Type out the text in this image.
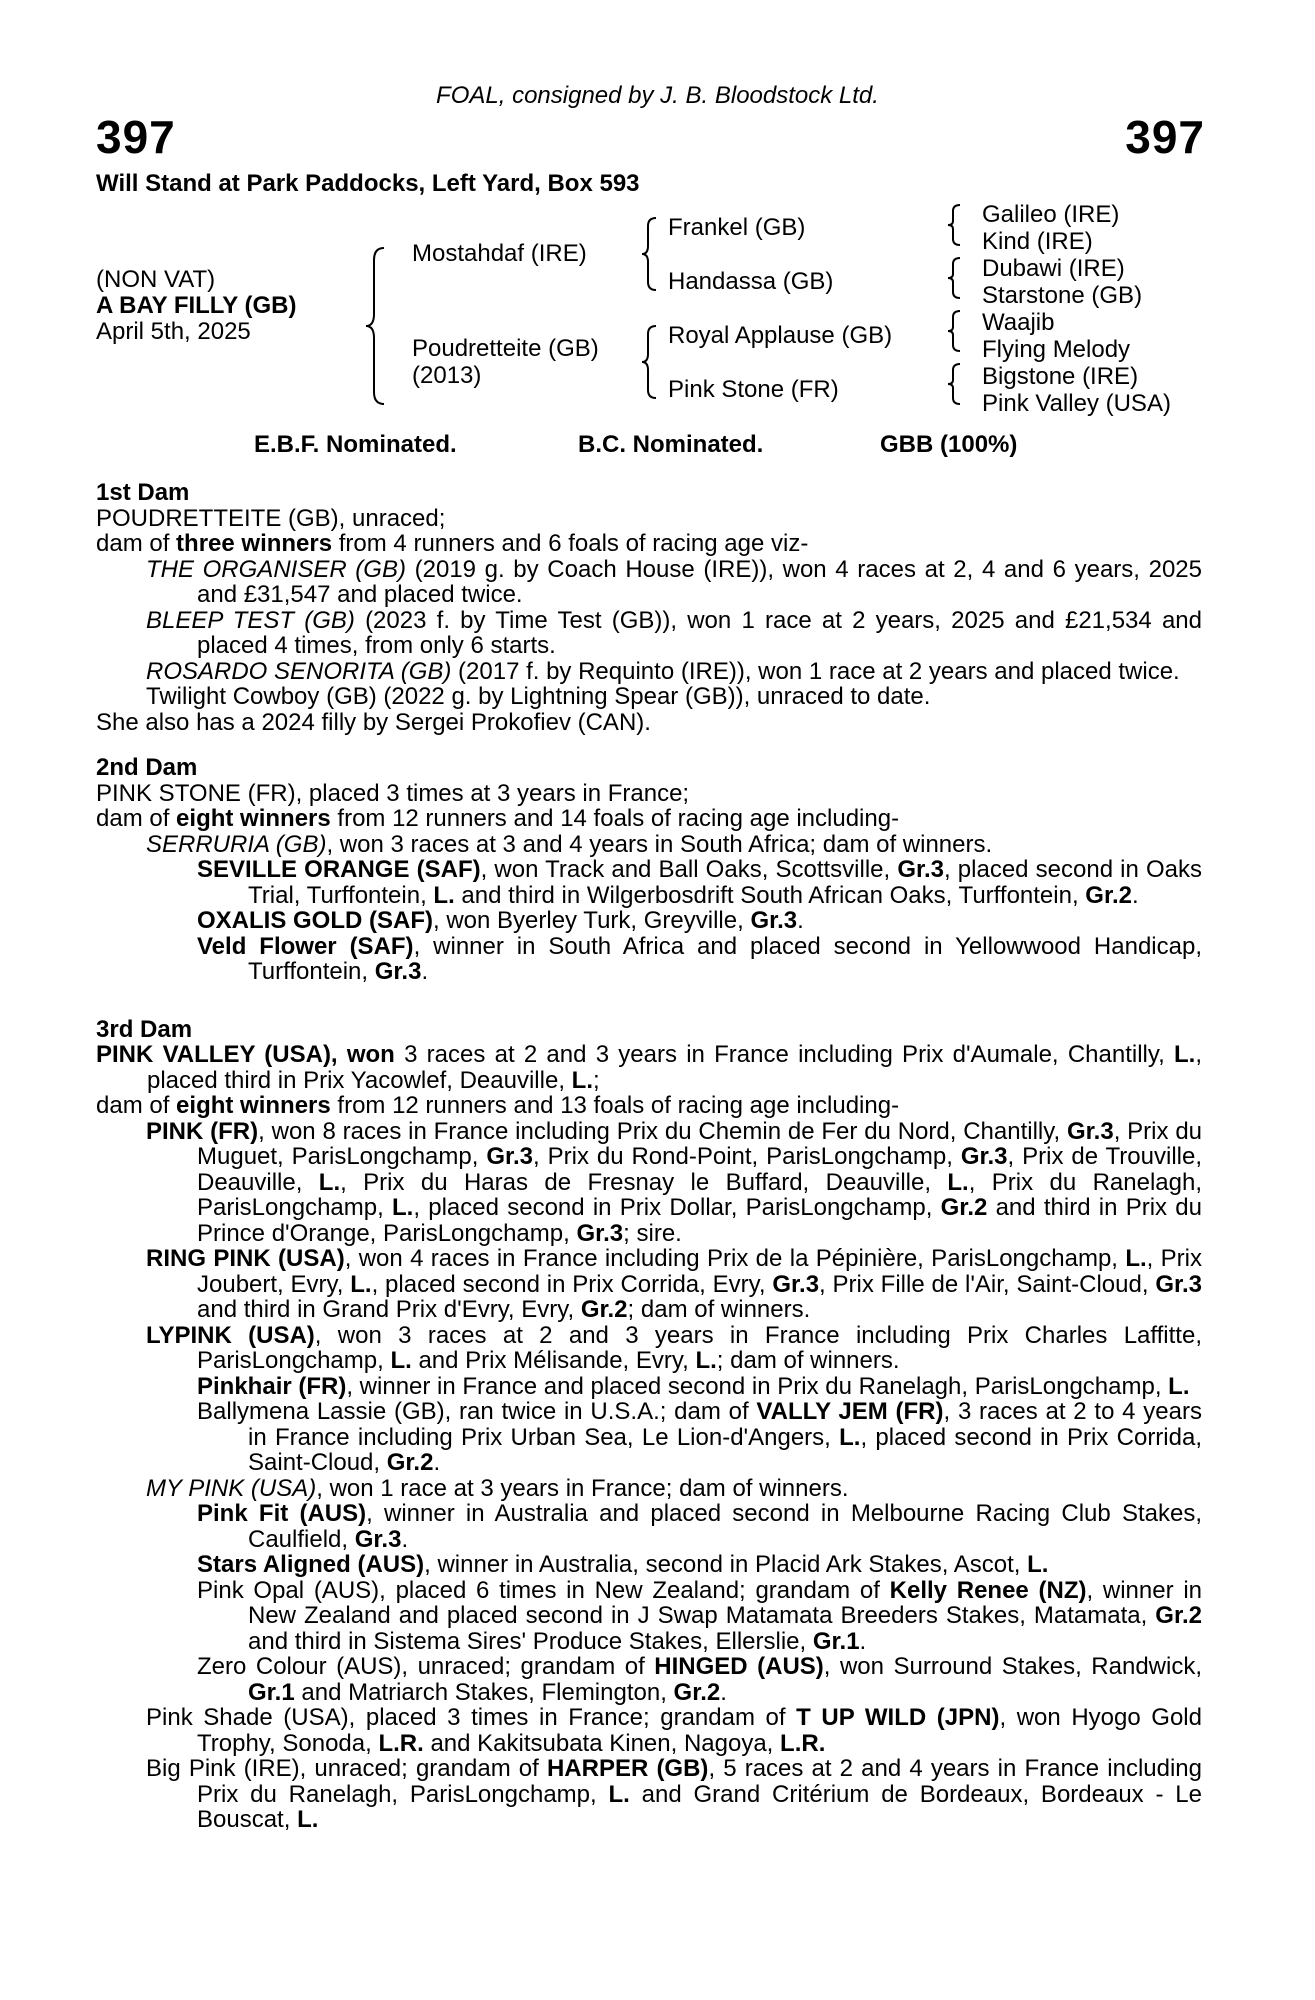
FOAL, consigned by J. B. Bloodstock Ltd.
397	397
Will Stand at Park Paddocks, Left Yard, Box 593
(NON VAT)
A BAY FILLY (GB)
April 5th, 2025
Mostahdaf (IRE)
Poudretteite (GB)
(2013)
Frankel (GB)
Handassa (GB)
Royal Applause (GB)
Pink Stone (FR)
Galileo (IRE)
Kind (IRE)
Dubawi (IRE)
Starstone (GB)
Waajib
Flying Melody
Bigstone (IRE)
Pink Valley (USA)
E.B.F. Nominated.	B.C. Nominated.	GBB (100%)
1st Dam
POUDRETTEITE (GB), unraced;
dam of three winners from 4 runners and 6 foals of racing age viz-
THE ORGANISER (GB) (2019 g. by Coach House (IRE)), won 4 races at 2, 4 and 6 years, 2025 and £31,547 and placed twice.
BLEEP TEST (GB) (2023 f. by Time Test (GB)), won 1 race at 2 years, 2025 and £21,534 and placed 4 times, from only 6 starts.
ROSARDO SENORITA (GB) (2017 f. by Requinto (IRE)), won 1 race at 2 years and placed twice.
Twilight Cowboy (GB) (2022 g. by Lightning Spear (GB)), unraced to date.
She also has a 2024 filly by Sergei Prokofiev (CAN).
2nd Dam
PINK STONE (FR), placed 3 times at 3 years in France;
dam of eight winners from 12 runners and 14 foals of racing age including-
SERRURIA (GB), won 3 races at 3 and 4 years in South Africa; dam of winners.
SEVILLE ORANGE (SAF), won Track and Ball Oaks, Scottsville, Gr.3, placed second in Oaks Trial, Turffontein, L. and third in Wilgerbosdrift South African Oaks, Turffontein, Gr.2.
OXALIS GOLD (SAF), won Byerley Turk, Greyville, Gr.3.
Veld Flower (SAF), winner in South Africa and placed second in Yellowwood Handicap, Turffontein, Gr.3.
3rd Dam
PINK VALLEY (USA), won 3 races at 2 and 3 years in France including Prix d'Aumale, Chantilly, L., placed third in Prix Yacowlef, Deauville, L.;
dam of eight winners from 12 runners and 13 foals of racing age including-
PINK (FR), won 8 races in France including Prix du Chemin de Fer du Nord, Chantilly, Gr.3, Prix du Muguet, ParisLongchamp, Gr.3, Prix du Rond-Point, ParisLongchamp, Gr.3, Prix de Trouville, Deauville, L., Prix du Haras de Fresnay le Buffard, Deauville, L., Prix du Ranelagh, ParisLongchamp, L., placed second in Prix Dollar, ParisLongchamp, Gr.2 and third in Prix du Prince d'Orange, ParisLongchamp, Gr.3; sire.
RING PINK (USA), won 4 races in France including Prix de la Pépinière, ParisLongchamp, L., Prix Joubert, Evry, L., placed second in Prix Corrida, Evry, Gr.3, Prix Fille de l'Air, Saint-Cloud, Gr.3 and third in Grand Prix d'Evry, Evry, Gr.2; dam of winners.
LYPINK (USA), won 3 races at 2 and 3 years in France including Prix Charles Laffitte, ParisLongchamp, L. and Prix Mélisande, Evry, L.; dam of winners.
Pinkhair (FR), winner in France and placed second in Prix du Ranelagh, ParisLongchamp, L.
Ballymena Lassie (GB), ran twice in U.S.A.; dam of VALLY JEM (FR), 3 races at 2 to 4 years in France including Prix Urban Sea, Le Lion-d'Angers, L., placed second in Prix Corrida, Saint-Cloud, Gr.2.
MY PINK (USA), won 1 race at 3 years in France; dam of winners.
Pink Fit (AUS), winner in Australia and placed second in Melbourne Racing Club Stakes, Caulfield, Gr.3.
Stars Aligned (AUS), winner in Australia, second in Placid Ark Stakes, Ascot, L.
Pink Opal (AUS), placed 6 times in New Zealand; grandam of Kelly Renee (NZ), winner in New Zealand and placed second in J Swap Matamata Breeders Stakes, Matamata, Gr.2 and third in Sistema Sires' Produce Stakes, Ellerslie, Gr.1.
Zero Colour (AUS), unraced; grandam of HINGED (AUS), won Surround Stakes, Randwick, Gr.1 and Matriarch Stakes, Flemington, Gr.2.
Pink Shade (USA), placed 3 times in France; grandam of T UP WILD (JPN), won Hyogo Gold Trophy, Sonoda, L.R. and Kakitsubata Kinen, Nagoya, L.R.
Big Pink (IRE), unraced; grandam of HARPER (GB), 5 races at 2 and 4 years in France including Prix du Ranelagh, ParisLongchamp, L. and Grand Critérium de Bordeaux, Bordeaux - Le Bouscat, L.
